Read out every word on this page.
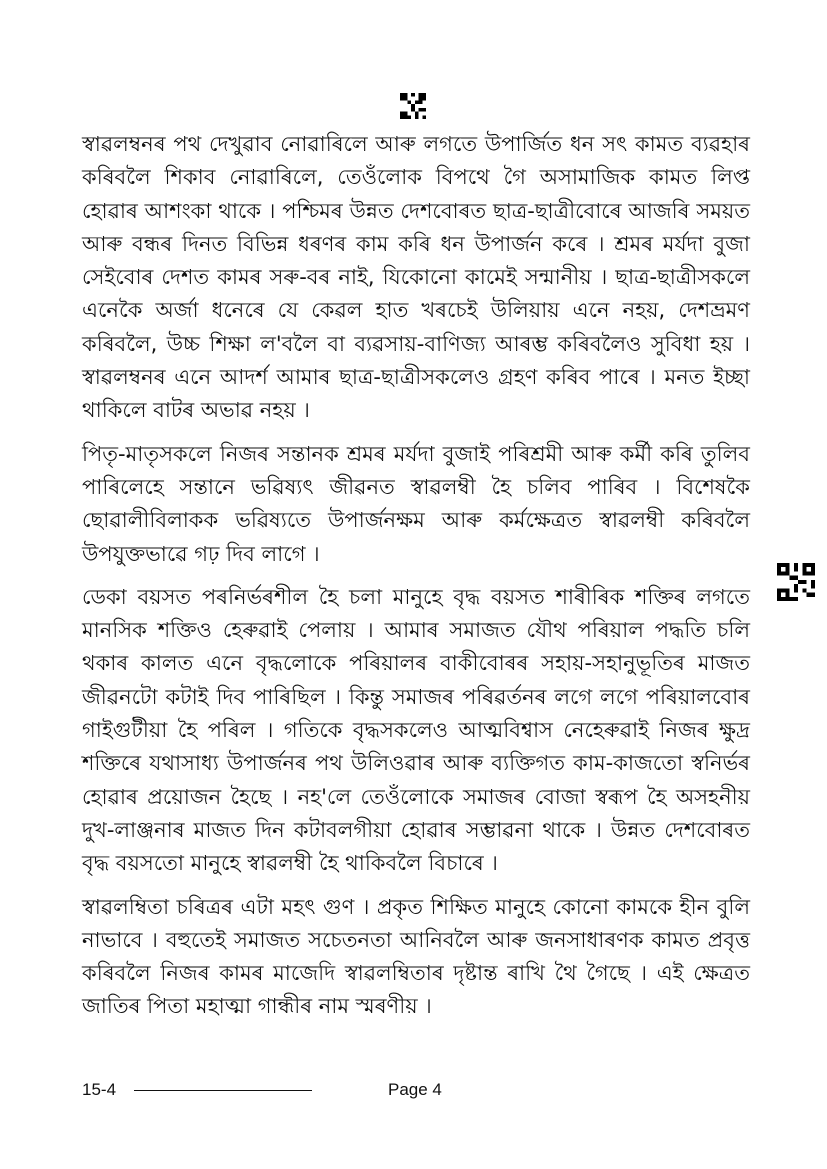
স্বাৱলম্বনৰ পথ দেখুৱাব নোৱাৰিলে আৰু লগতে উপাৰ্জিত ধন সৎ কামত ব্যৱহাৰ কৰিবলৈ শিকাব নোৱাৰিলে, তেওঁলোক বিপথে গৈ অসামাজিক কামত লিপ্ত হোৱাৰ আশংকা থাকে । পশ্চিমৰ উন্নত দেশবোৰত ছাত্ৰ-ছাত্ৰীবোৰে আজৰি সময়ত আৰু বন্ধৰ দিনত বিভিন্ন ধৰণৰ কাম কৰি ধন উপাৰ্জন কৰে । শ্ৰমৰ মৰ্যদা বুজা সেইবোৰ দেশত কামৰ সৰু-বৰ নাই, যিকোনো কামেই সন্মানীয় । ছাত্ৰ-ছাত্ৰীসকলে এনেকৈ অৰ্জা ধনেৰে যে কেৱল হাত খৰচেই উলিয়ায় এনে নহয়, দেশভ্ৰমণ কৰিবলৈ, উচ্চ শিক্ষা ল'বলৈ বা ব্যৱসায়-বাণিজ্য আৰম্ভ কৰিবলৈও সুবিধা হয় । স্বাৱলম্বনৰ এনে আদৰ্শ আমাৰ ছাত্ৰ-ছাত্ৰীসকলেও গ্ৰহণ কৰিব পাৰে । মনত ইচ্ছা থাকিলে বাটৰ অভাৱ নহয় ।

পিতৃ-মাতৃসকলে নিজৰ সন্তানক শ্ৰমৰ মৰ্যদা বুজাই পৰিশ্ৰমী আৰু কৰ্মী কৰি তুলিব পাৰিলেহে সন্তানে ভৱিষ্যৎ জীৱনত স্বাৱলম্বী হৈ চলিব পাৰিব । বিশেষকৈ ছোৱালীবিলাকক ভৱিষ্যতে উপাৰ্জনক্ষম আৰু কৰ্মক্ষেত্ৰত স্বাৱলম্বী কৰিবলৈ উপযুক্তভাৱে গঢ় দিব লাগে ।

ডেকা বয়সত পৰনিৰ্ভৰশীল হৈ চলা মানুহে বৃদ্ধ বয়সত শাৰীৰিক শক্তিৰ লগতে মানসিক শক্তিও হেৰুৱাই পেলায় । আমাৰ সমাজত যৌথ পৰিয়াল পদ্ধতি চলি থকাৰ কালত এনে বৃদ্ধলোকে পৰিয়ালৰ বাকীবোৰৰ সহায়-সহানুভূতিৰ মাজত জীৱনটো কটাই দিব পাৰিছিল । কিন্তু সমাজৰ পৰিৱৰ্তনৰ লগে লগে পৰিয়ালবোৰ গাইগুটীয়া হৈ পৰিল । গতিকে বৃদ্ধসকলেও আত্মবিশ্বাস নেহেৰুৱাই নিজৰ ক্ষুদ্ৰ শক্তিৰে যথাসাধ্য উপাৰ্জনৰ পথ উলিওৱাৰ আৰু ব্যক্তিগত কাম-কাজতো স্বনিৰ্ভৰ হোৱাৰ প্ৰয়োজন হৈছে । নহ'লে তেওঁলোকে সমাজৰ বোজা স্বৰূপ হৈ অসহনীয় দুখ-লাঞ্জনাৰ মাজত দিন কটাবলগীয়া হোৱাৰ সম্ভাৱনা থাকে । উন্নত দেশবোৰত বৃদ্ধ বয়সতো মানুহে স্বাৱলম্বী হৈ থাকিবলৈ বিচাৰে ।

স্বাৱলম্বিতা চৰিত্ৰৰ এটা মহৎ গুণ । প্ৰকৃত শিক্ষিত মানুহে কোনো কামকে হীন বুলি নাভাবে । বহুতেই সমাজত সচেতনতা আনিবলৈ আৰু জনসাধাৰণক কামত প্ৰবৃত্ত কৰিবলৈ নিজৰ কামৰ মাজেদি স্বাৱলম্বিতাৰ দৃষ্টান্ত ৰাখি থৈ গৈছে । এই ক্ষেত্ৰত জাতিৰ পিতা মহাত্মা গান্ধীৰ নাম স্মৰণীয় ।

15-4	Page 4
